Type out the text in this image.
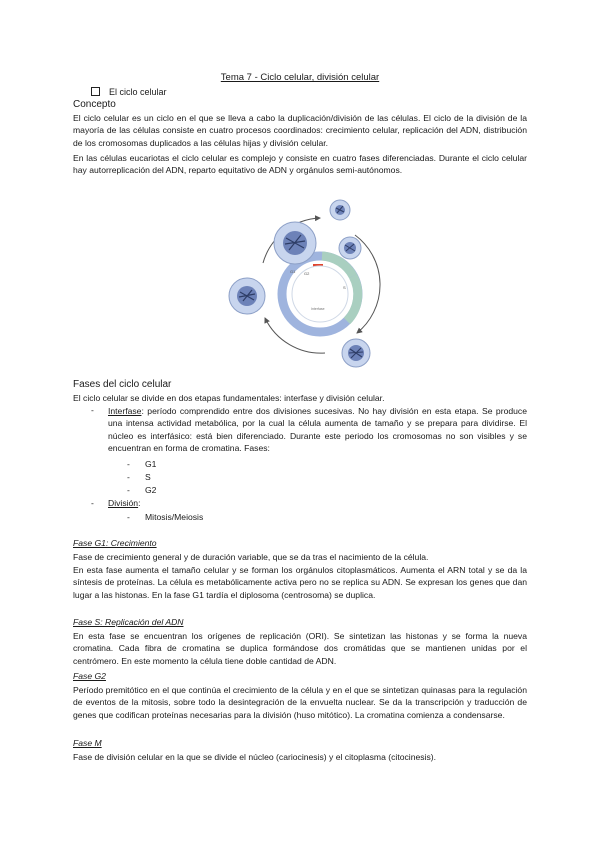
Tema 7 - Ciclo celular, división celular
El ciclo celular
Concepto
El ciclo celular es un ciclo en el que se lleva a cabo la duplicación/división de las células. El ciclo de la división de la mayoría de las células consiste en cuatro procesos coordinados: crecimiento celular, replicación del ADN, distribución de los cromosomas duplicados a las células hijas y división celular.
En las células eucariotas el ciclo celular es complejo y consiste en cuatro fases diferenciadas. Durante el ciclo celular hay autorreplicación del ADN, reparto equitativo de ADN y orgánulos semi-autónomos.
G1 G2
M
S
Interfase
Fases del ciclo celular
El ciclo celular se divide en dos etapas fundamentales: interfase y división celular.
- Interfase: período comprendido entre dos divisiones sucesivas. No hay división en esta etapa. Se produce una intensa actividad metabólica, por la cual la célula aumenta de tamaño y se prepara para dividirse. El núcleo es interfásico: está bien diferenciado. Durante este periodo los cromosomas no son visibles y se encuentran en forma de cromatina. Fases:
- G1
- S
- G2
- División:
- Mitosis/Meiosis
Fase G1: Crecimiento
Fase de crecimiento general y de duración variable, que se da tras el nacimiento de la célula.
En esta fase aumenta el tamaño celular y se forman los orgánulos citoplasmáticos. Aumenta el ARN total y se da la síntesis de proteínas. La célula es metabólicamente activa pero no se replica su ADN. Se expresan los genes que dan lugar a las histonas. En la fase G1 tardía el diplosoma (centrosoma) se duplica.
Fase S: Replicación del ADN
En esta fase se encuentran los orígenes de replicación (ORI). Se sintetizan las histonas y se forma la nueva cromatina. Cada fibra de cromatina se duplica formándose dos cromátidas que se mantienen unidas por el centrómero. En este momento la célula tiene doble cantidad de ADN.
Fase G2
Período premitótico en el que continúa el crecimiento de la célula y en el que se sintetizan quinasas para la regulación de eventos de la mitosis, sobre todo la desintegración de la envuelta nuclear. Se da la transcripción y traducción de genes que codifican proteínas necesarias para la división (huso mitótico). La cromatina comienza a condensarse.
Fase M
Fase de división celular en la que se divide el núcleo (cariocinesis) y el citoplasma (citocinesis).
